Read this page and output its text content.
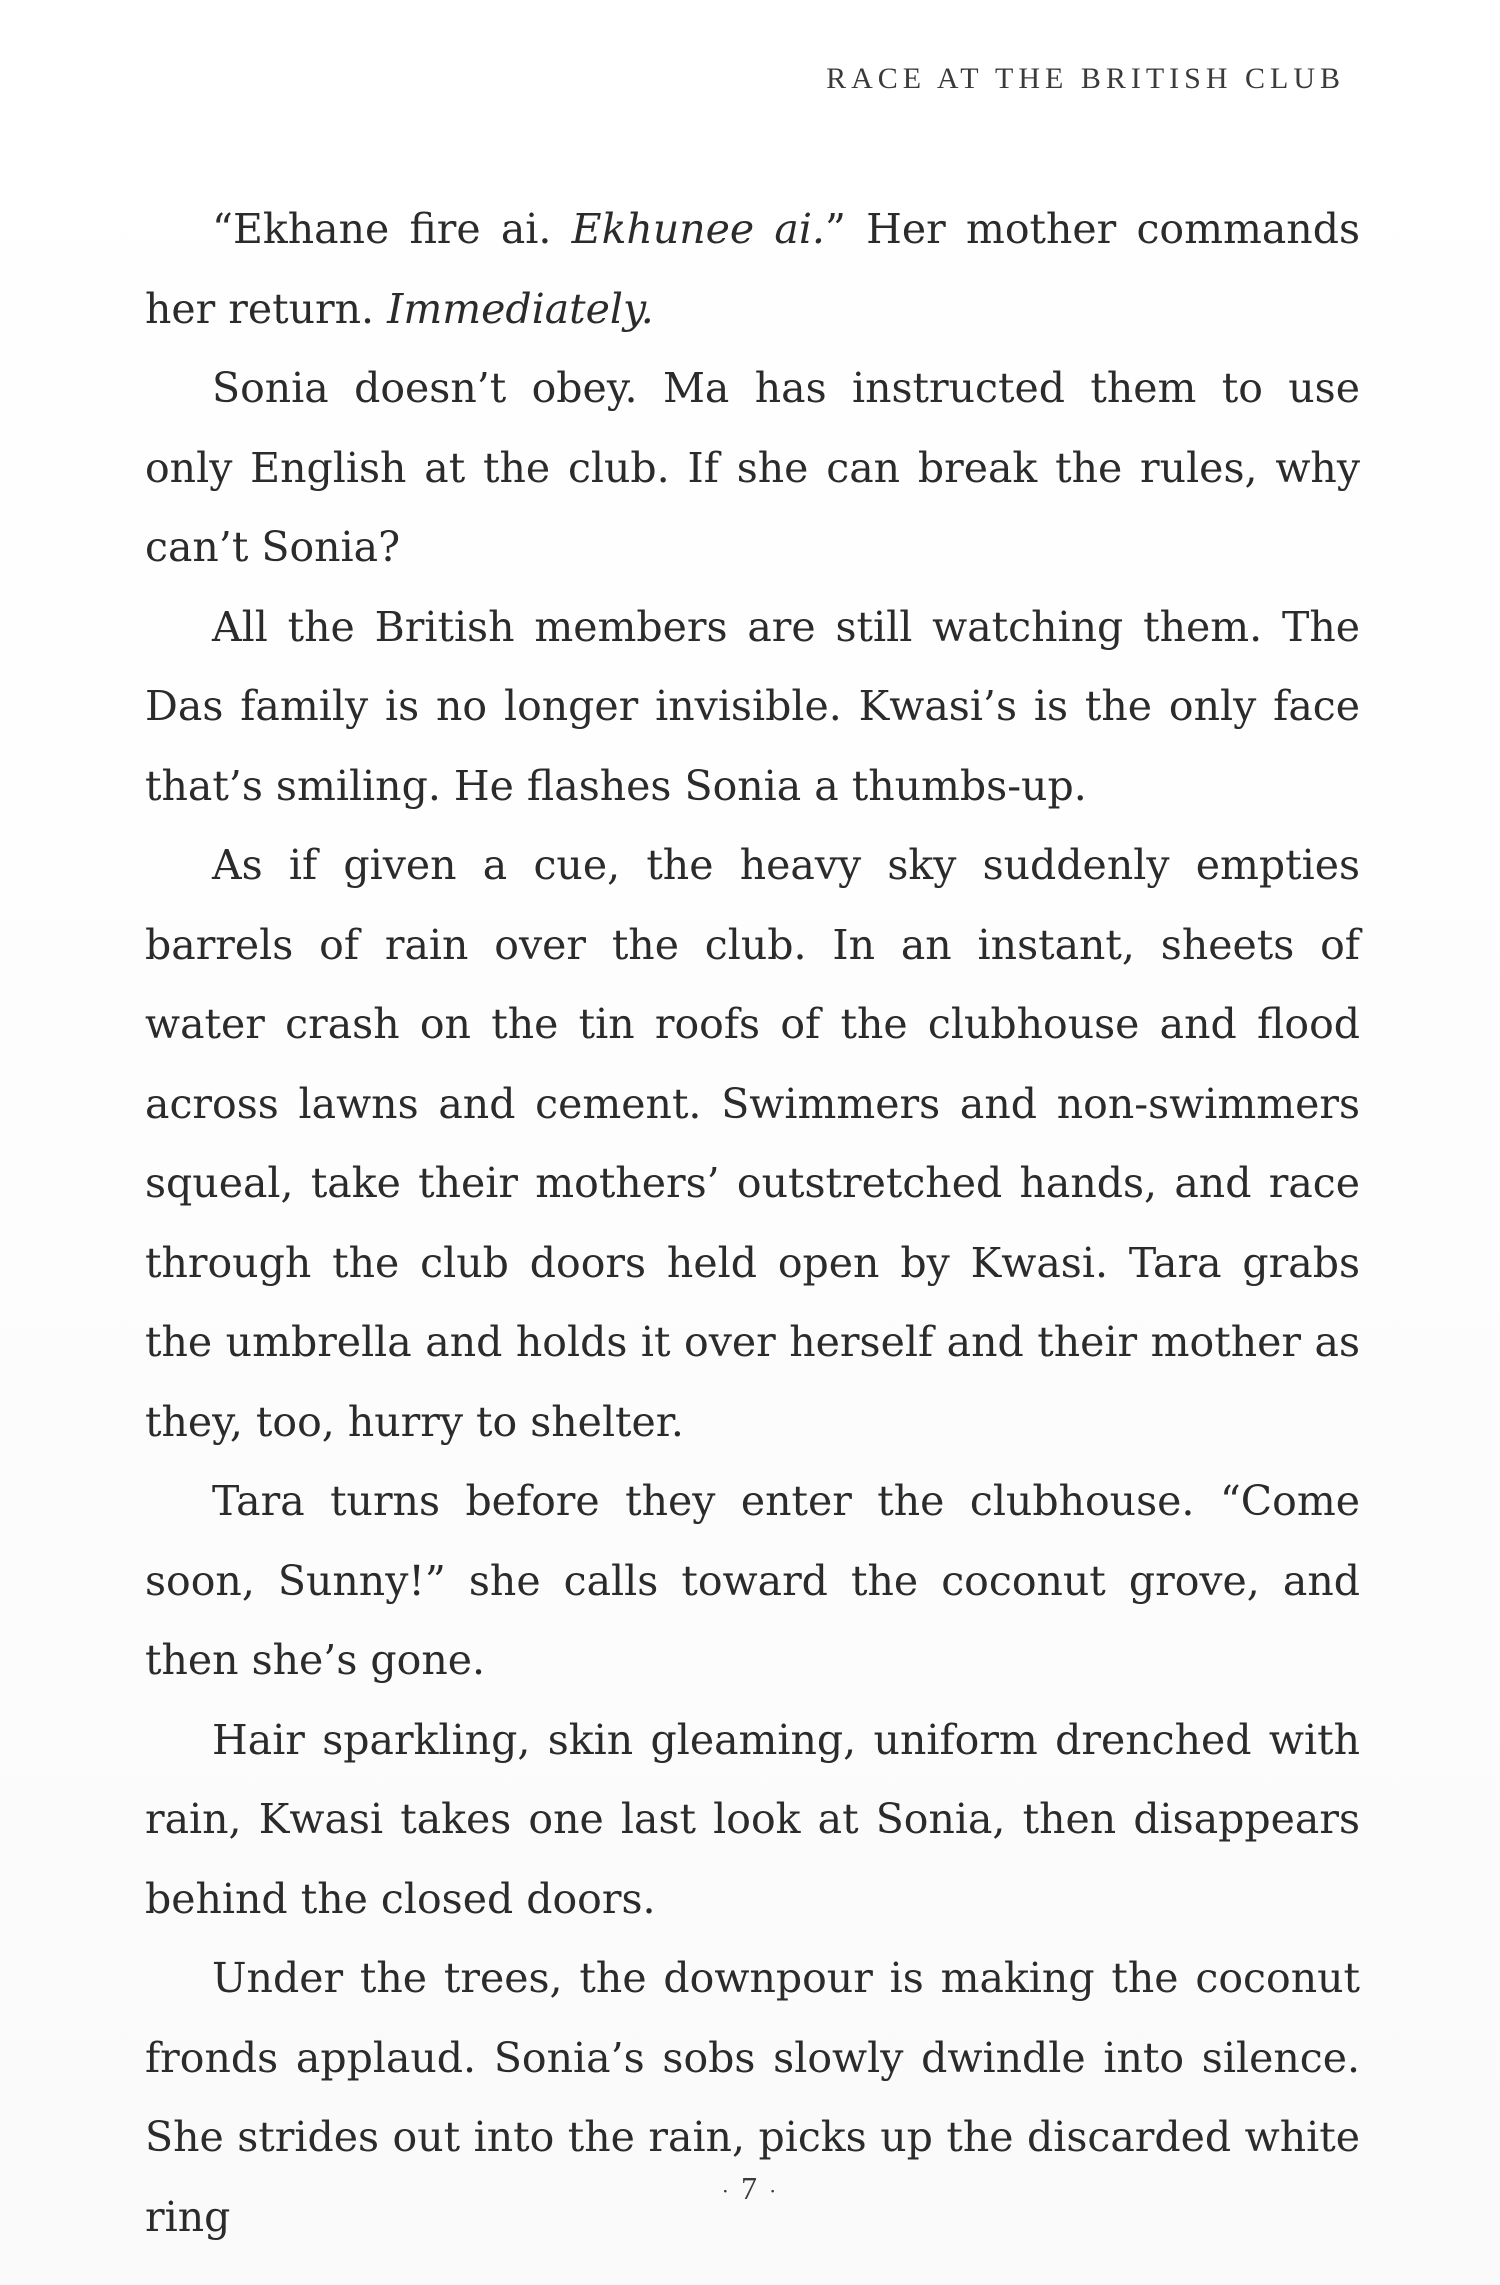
RACE AT THE BRITISH CLUB

“Ekhane fire ai. Ekhunee ai.” Her mother commands her return. Immediately.

Sonia doesn’t obey. Ma has instructed them to use only English at the club. If she can break the rules, why can’t Sonia?

All the British members are still watching them. The Das family is no longer invisible. Kwasi’s is the only face that’s smiling. He flashes Sonia a thumbs-up.

As if given a cue, the heavy sky suddenly empties barrels of rain over the club. In an instant, sheets of water crash on the tin roofs of the clubhouse and flood across lawns and cement. Swimmers and non-swimmers squeal, take their mothers’ outstretched hands, and race through the club doors held open by Kwasi. Tara grabs the umbrella and holds it over herself and their mother as they, too, hurry to shelter.

Tara turns before they enter the clubhouse. “Come soon, Sunny!” she calls toward the coconut grove, and then she’s gone.

Hair sparkling, skin gleaming, uniform drenched with rain, Kwasi takes one last look at Sonia, then disappears behind the closed doors.

Under the trees, the downpour is making the coconut fronds applaud. Sonia’s sobs slowly dwindle into silence. She strides out into the rain, picks up the discarded white ring

· 7 ·
